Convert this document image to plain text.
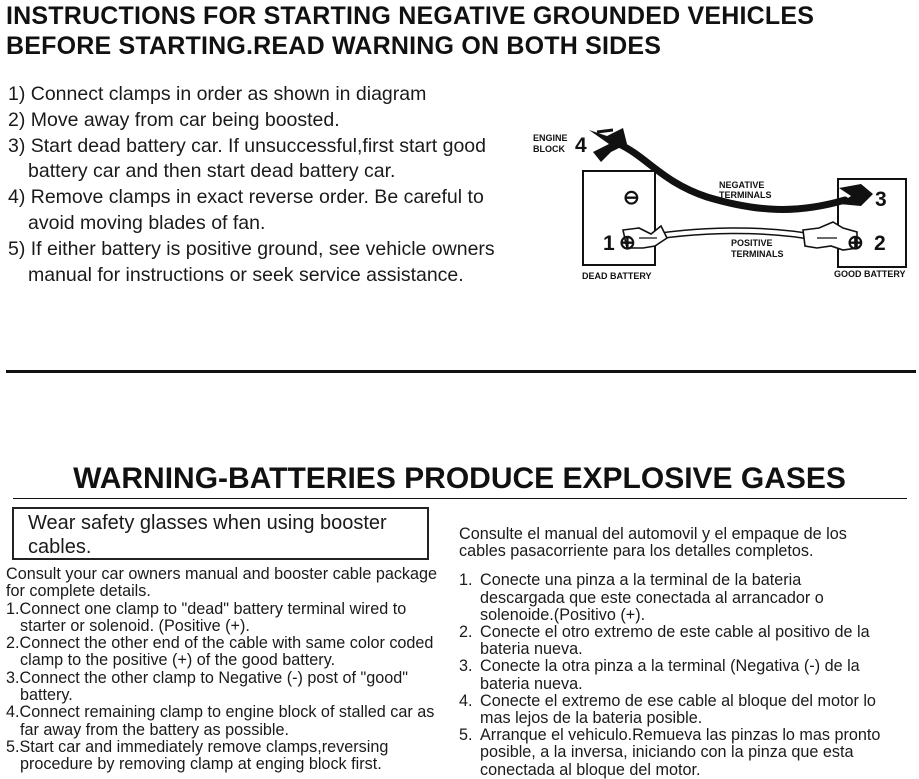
INSTRUCTIONS FOR STARTING NEGATIVE GROUNDED VEHICLES
BEFORE STARTING.READ WARNING ON BOTH SIDES
1) Connect clamps in order as shown in diagram
2) Move away from car being boosted.
3) Start dead battery car. If unsuccessful,first start good
battery car and then start dead battery car.
4) Remove clamps in exact reverse order. Be careful to
avoid moving blades of fan.
5) If either battery is positive ground, see vehicle owners
manual for instructions or seek service assistance.
⊖
⊕	⊕
4
1	2
3
ENGINE
BLOCK
NEGATIVE
TERMINALS
POSITIVE
TERMINALS
DEAD BATTERY	GOOD BATTERY
WARNING-BATTERIES PRODUCE EXPLOSIVE GASES
Wear safety glasses when using booster
cables.
Consult your car owners manual and booster cable package
for complete details.
1.Connect one clamp to "dead" battery terminal wired to
starter or solenoid. (Positive (+).
2.Connect the other end of the cable with same color coded
clamp to the positive (+) of the good battery.
3.Connect the other clamp to Negative (-) post of "good"
battery.
4.Connect remaining clamp to engine block of stalled car as
far away from the battery as possible.
5.Start car and immediately remove clamps,reversing
procedure by removing clamp at enging block first.
Consulte el manual del automovil y el empaque de los
cables pasacorriente para los detalles completos.
1. Conecte una pinza a la terminal de la bateria
descargada que este conectada al arrancador o
solenoide.(Positivo (+).
2. Conecte el otro extremo de este cable al positivo de la
bateria nueva.
3. Conecte la otra pinza a la terminal (Negativa (-) de la
bateria nueva.
4. Conecte el extremo de ese cable al bloque del motor lo
mas lejos de la bateria posible.
5. Arranque el vehiculo.Remueva las pinzas lo mas pronto
posible, a la inversa, iniciando con la pinza que esta
conectada al bloque del motor.
